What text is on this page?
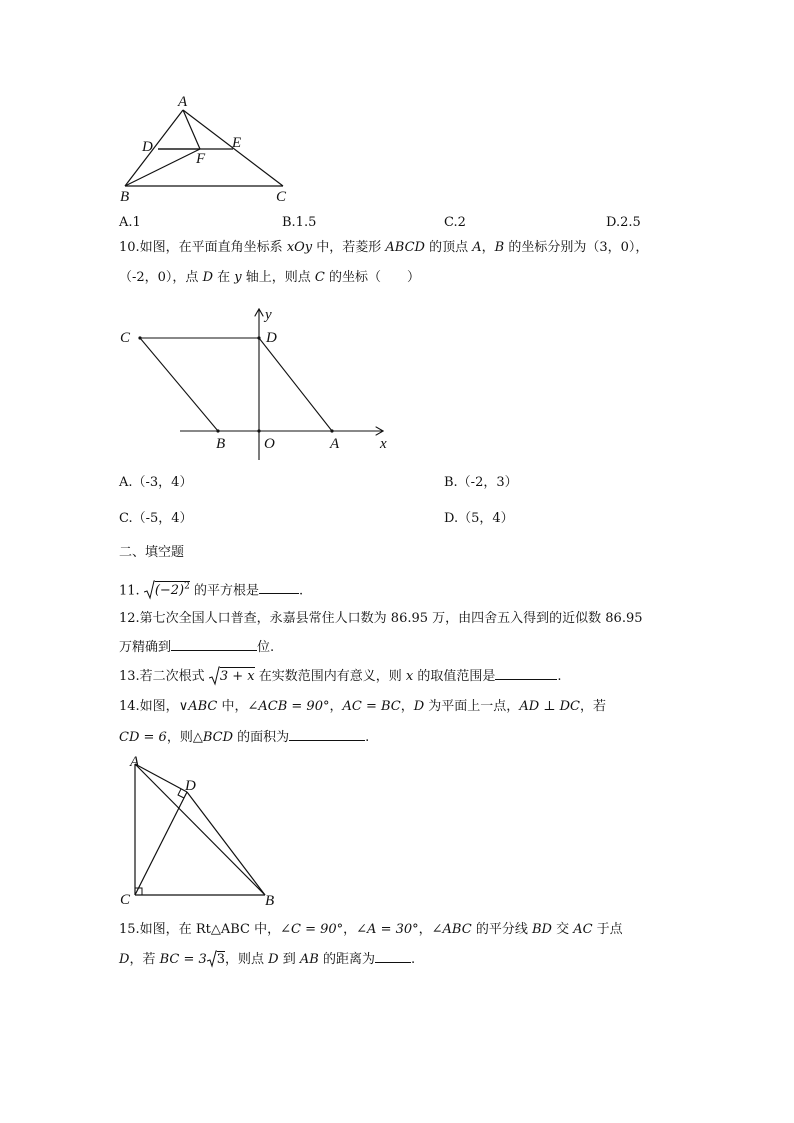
A
D	E
F
B	C
A.1	B.1.5	C.2	D.2.5
10.如图，在平面直角坐标系 xOy 中，若菱形 ABCD 的顶点 A，B 的坐标分别为（3，0），
（-2，0），点 D 在 y 轴上，则点 C 的坐标（　　）
y
C	D
B	O	A	x
A.（-3，4）	B.（-2，3）
C.（-5，4）	D.（5，4）
二、填空题
11. $(-2)^2$ 的平方根是	.
12.第七次全国人口普查，永嘉县常住人口数为 86.95 万，由四舍五入得到的近似数 86.95
万精确到	位.
13.若二次根式 3 + x 在实数范围内有意义，则 x 的取值范围是	.
14.如图，∨ABC 中，∠ACB = 90°，AC = BC，D 为平面上一点，AD ⊥ DC，若
CD = 6，则△BCD 的面积为	.
A
D
C	B
15.如图，在 Rt△ABC 中，∠C = 90°，∠A = 30°，∠ABC 的平分线 BD 交 AC 于点
D，若 BC = 3 3，则点 D 到 AB 的距离为	.
